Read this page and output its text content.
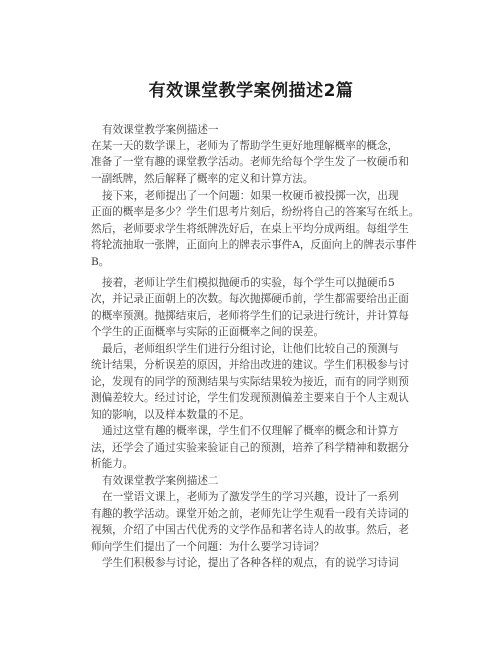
有效课堂教学案例描述2篇
有效课堂教学案例描述一
在某一天的数学课上，老师为了帮助学生更好地理解概率的概念，
准备了一堂有趣的课堂教学活动。老师先给每个学生发了一枚硬币和
一副纸牌，然后解释了概率的定义和计算方法。
接下来，老师提出了一个问题：如果一枚硬币被投掷一次，出现
正面的概率是多少？学生们思考片刻后，纷纷将自己的答案写在纸上。
然后，老师要求学生将纸牌洗好后，在桌上平均分成两组。每组学生
将轮流抽取一张牌，正面向上的牌表示事件A，反面向上的牌表示事件
B。
接着，老师让学生们模拟抛硬币的实验，每个学生可以抛硬币5
次，并记录正面朝上的次数。每次抛掷硬币前，学生都需要给出正面
的概率预测。抛掷结束后，老师将学生们的记录进行统计，并计算每
个学生的正面概率与实际的正面概率之间的误差。
最后，老师组织学生们进行分组讨论，让他们比较自己的预测与
统计结果，分析误差的原因，并给出改进的建议。学生们积极参与讨
论，发现有的同学的预测结果与实际结果较为接近，而有的同学则预
测偏差较大。经过讨论，学生们发现预测偏差主要来自于个人主观认
知的影响，以及样本数量的不足。
通过这堂有趣的概率课，学生们不仅理解了概率的概念和计算方
法，还学会了通过实验来验证自己的预测，培养了科学精神和数据分
析能力。
有效课堂教学案例描述二
在一堂语文课上，老师为了激发学生的学习兴趣，设计了一系列
有趣的教学活动。课堂开始之前，老师先让学生观看一段有关诗词的
视频，介绍了中国古代优秀的文学作品和著名诗人的故事。然后，老
师向学生们提出了一个问题：为什么要学习诗词？
学生们积极参与讨论，提出了各种各样的观点，有的说学习诗词
